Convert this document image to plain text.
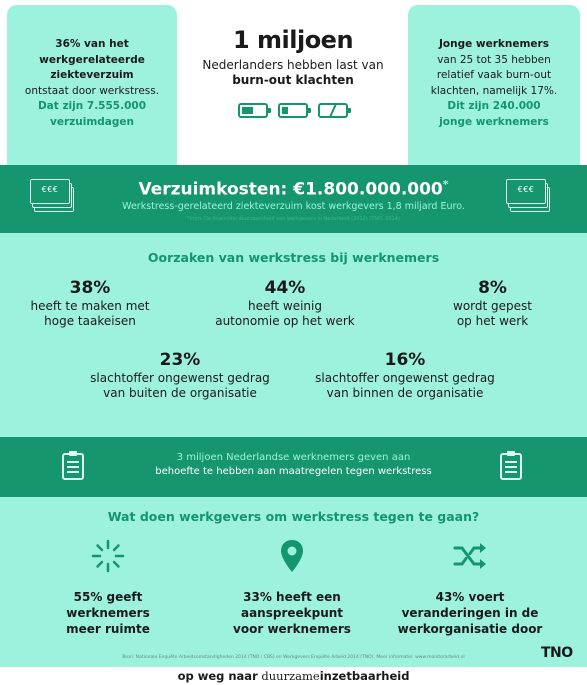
36% van het
werkgerelateerde
ziekteverzuim
ontstaat door werkstress.
Dat zijn 7.555.000
verzuimdagen
1 miljoen
Nederlanders hebben last van
burn-out klachten
Jonge werknemers
van 25 tot 35 hebben
relatief vaak burn-out
klachten, namelijk 17%.
Dit zijn 240.000
jonge werknemers
€€€	Verzuimkosten: €1.800.000.000*
Werkstress-gerelateerd ziekteverzuim kost werkgevers 1,8 miljard Euro.
*bron: De financiële duurzaamheid van werkgevers in Nederland (2012) (TNO, 2014)
€€€
Oorzaken van werkstress bij werknemers
38%
heeft te maken met
hoge taakeisen
44%
heeft weinig
autonomie op het werk
8%
wordt gepest
op het werk
23%
slachtoffer ongewenst gedrag
van buiten de organisatie
16%
slachtoffer ongewenst gedrag
van binnen de organisatie
3 miljoen Nederlandse werknemers geven aan
behoefte te hebben aan maatregelen tegen werkstress
Wat doen werkgevers om werkstress tegen te gaan?
55% geeft
werknemers
meer ruimte
33% heeft een
aanspreekpunt
voor werknemers
43% voert
veranderingen in de
werkorganisatie door
Bron: Nationale Enquête Arbeidsomstandigheden 2014 (TNO / CBS) en Werkgevers Enquête Arbeid 2014 (TNO). Meer informatie: www.monitorarbeid.nl	TNO
op weg naar duurzameinzetbaarheid
